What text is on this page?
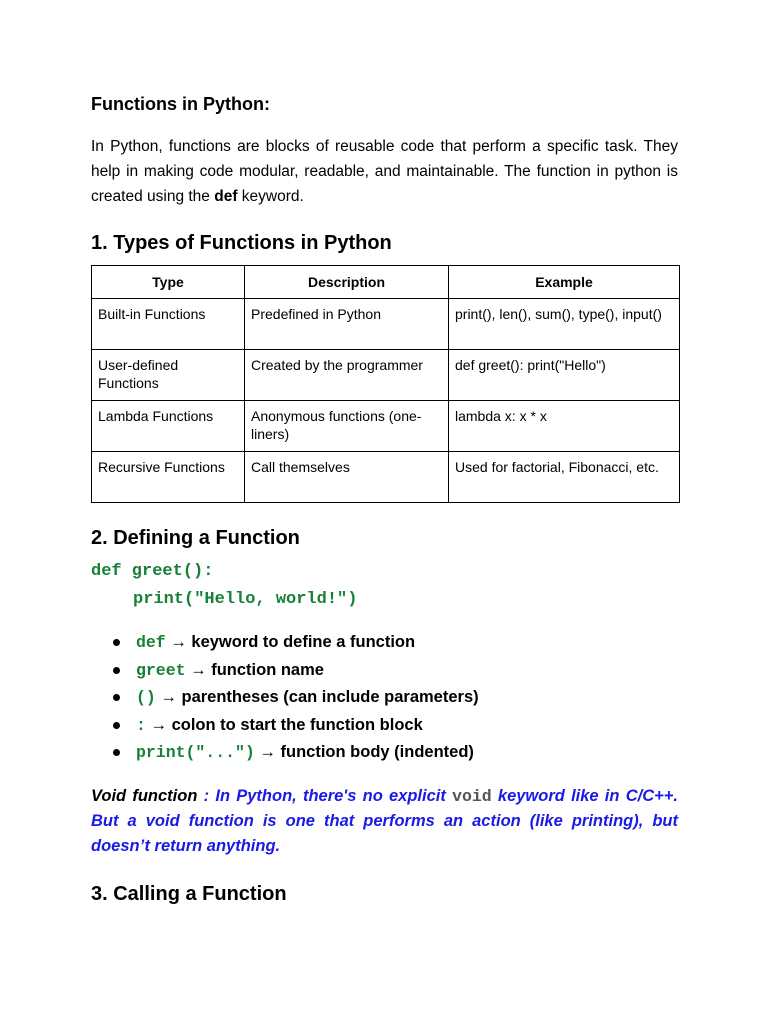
Functions in Python:

In Python, functions are blocks of reusable code that perform a specific task. They help in making code modular, readable, and maintainable. The function in python is created using the def keyword.

1. Types of Functions in Python
Type	Description	Example
Built-in Functions	Predefined in Python	print(), len(), sum(), type(), input()
User-defined Functions	Created by the programmer	def greet(): print("Hello")
Lambda Functions	Anonymous functions (one-liners)	lambda x: x * x
Recursive Functions	Call themselves	Used for factorial, Fibonacci, etc.
2. Defining a Function
def greet():
print("Hello, world!")
def → keyword to define a function
greet → function name
() → parentheses (can include parameters)
: → colon to start the function block
print("...") → function body (indented)

Void function : In Python, there's no explicit void keyword like in C/C++. But a void function is one that performs an action (like printing), but doesn’t return anything.

3. Calling a Function
